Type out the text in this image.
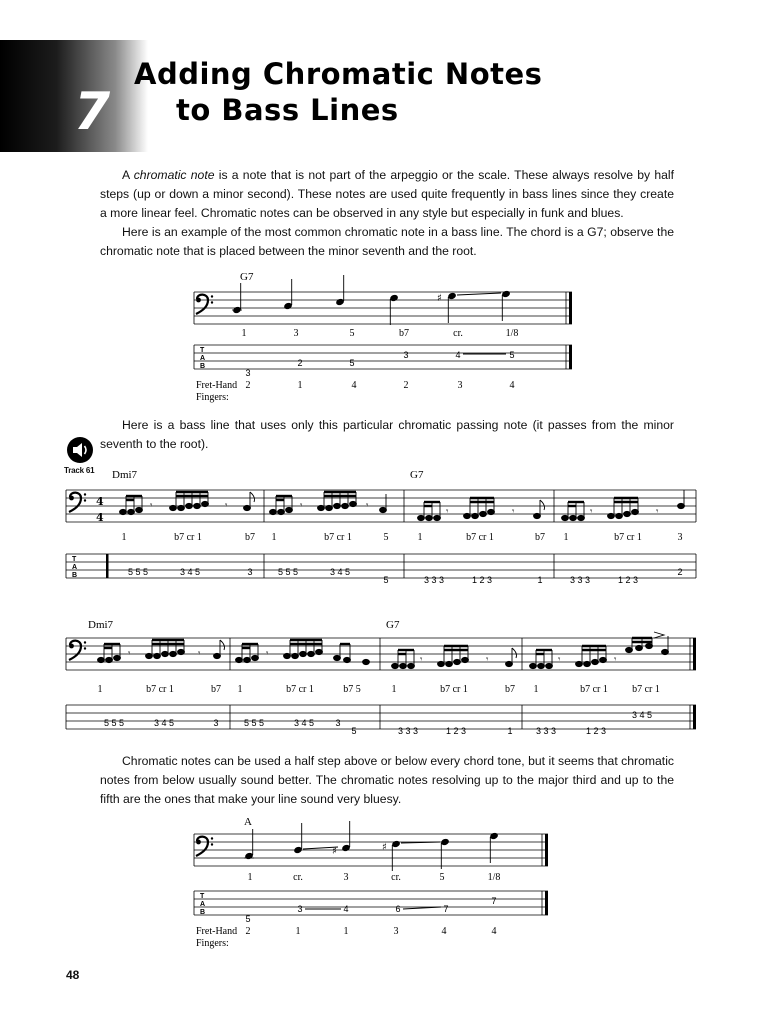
7
Adding Chromatic Notes
to Bass Lines

A chromatic note is a note that is not part of the arpeggio or the scale. These always resolve by half steps (up or down a minor second). These notes are used quite frequently in bass lines since they create a more linear feel. Chromatic notes can be observed in any style but especially in funk and blues.

Here is an example of the most common chromatic note in a bass line. The chord is a G7; observe the chromatic note that is placed between the minor seventh and the root.

Here is a bass line that uses only this particular chromatic passing note (it passes from the minor seventh to the root).

Chromatic notes can be used a half step above or below every chord tone, but it seems that chromatic notes from below usually sound better. The chromatic notes resolving up to the major third and up to the fifth are the ones that make your line sound very bluesy.

Track 61
G7
♯
1	3	5	b7	cr.	1/8
T
A
B
3
2	5
3	4	5
Fret-Hand
Fingers:
2	1	4	2	3	4
Dmi7	G7
4
4
𝄾
𝄾	𝄾	𝄾
𝄾	𝄾	𝄾	𝄾
1	b7 cr 1	b7 1	b7 cr 1	5	1	b7 cr 1	b7 1	b7 cr 1	3
T
A
B	5 5 5	3 4 5	3	5 5 5	3 4 5
5	3 3 3	1 2 3	1	3 3 3	1 2 3
2
Dmi7	G7
𝄾	𝄾	𝄾
𝄾	𝄾	𝄾	𝄾
1	b7 cr 1	b7 1	b7 cr 1	b7 5	1	b7 cr 1	b7 1	b7 cr 1 b7 cr 1
5 5 5	3 4 5	3	5 5 5	3 4 5 3
5	3 3 3	1 2 3	1	3 3 3	1 2 3
3 4 5
A
♯	♯
1	cr.	3	cr.	5	1/8
T
A
B
5
3	4	6	7
7
Fret-Hand
Fingers:
2	1	1	3	4	4
48
